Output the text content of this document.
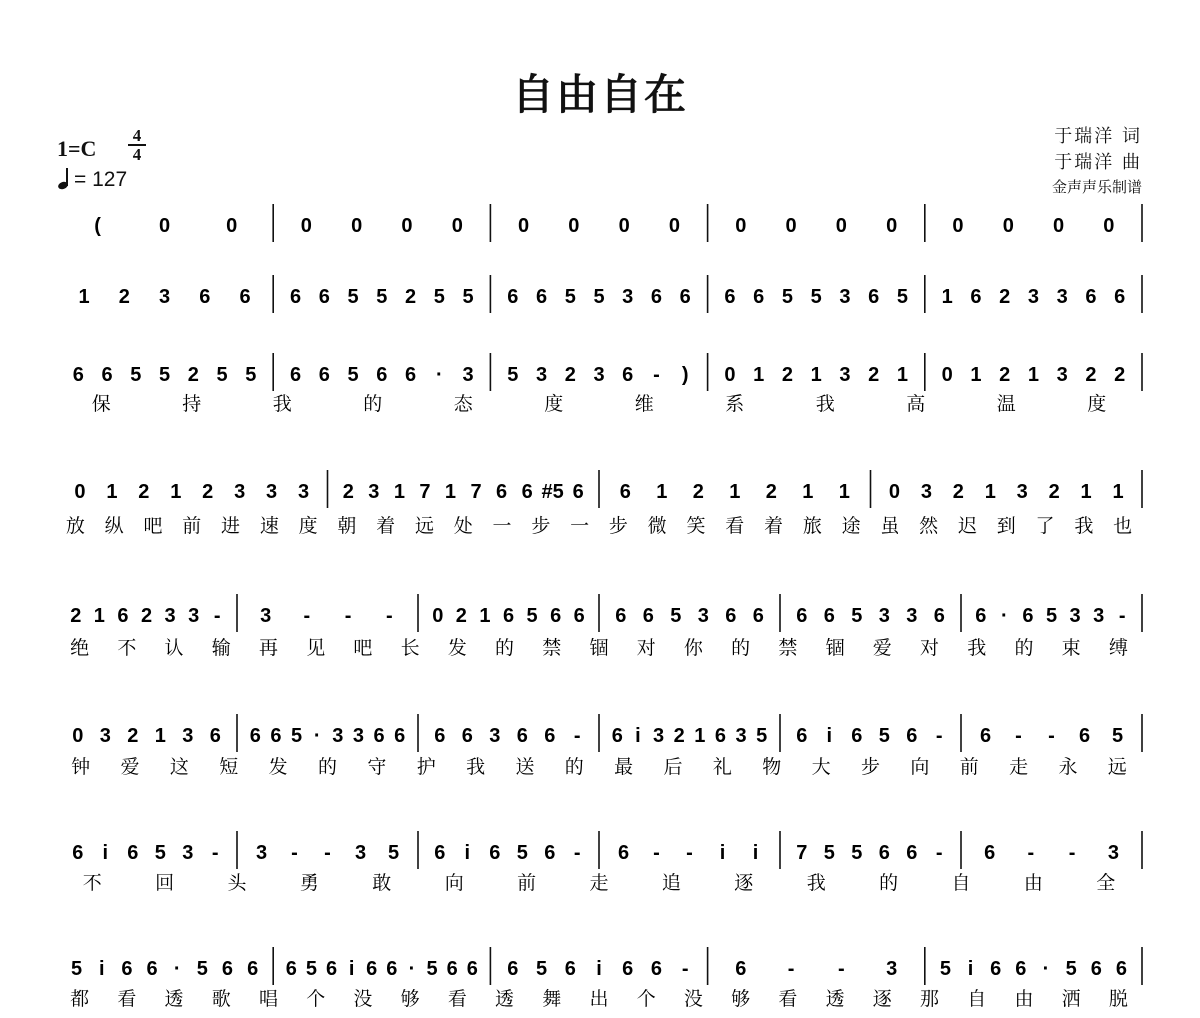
自由自在
1=C
4
4
= 127
于瑞洋 词
于瑞洋 曲
金声声乐制谱
(	0	0	0 0 0 0	0 0 0 0	0 0 0 0	0 0 0 0
1 2 3 6 6 6 6 5 5 2 5 5 6 6 5 5 3 6 6 6 6 5 5 3 6 5 1 6 2 3 3 6 6
6 6 5 5 2 5 5 6 6 5 6 6 · 3 5 3 2 3 6 - ) 0 1 2 1 3 2 1 0 1 2 1 3 2 2
保	持	我	的	态	度	维	系	我	高	温	度
0 1 2 1 2 3 3 3 2 3 1 7 1 7 6 6 #5 6 6 1 2 1 2 1 1 0 3 2 1 3 2 1 1
放 纵 吧 前 进 速 度 朝 着 远 处 一 步 一 步 微 笑 看 着 旅 途 虽 然 迟 到 了 我 也
2 1 6 2 3 3 - 3 - - - 0 2 1 6 5 6 6 6 6 5 3 6 6 6 6 5 3 3 6 6 · 6 5 3 3 -
绝 不 认 输 再 见 吧 长 发 的 禁 锢 对 你 的 禁 锢 爱 对 我 的 束 缚
0 3 2 1 3 6 6 6 5 · 3 3 6 6 6 6 3 6 6 - 6 i 3 2 1 6 3 5 6 i 6 5 6 - 6 - - 6 5
钟 爱 这 短 发 的 守 护 我 送 的 最 后 礼 物 大 步 向 前 走 永 远
6 i 6 5 3 - 3 - - 3 5 6 i 6 5 6 - 6 - - i i 7 5 5 6 6 - 6 - - 3
不	回	头	勇	敢	向	前	走	追	逐	我	的	自	由	全
5 i 6 6 · 5 6 6 6 5 6 i 6 6 · 5 6 6 6 5 6 i 6 6 - 6 - - 3 5 i 6 6 · 5 6 6
都 看 透 歌 唱 个 没 够 看 透 舞 出 个 没 够 看 透 逐 那 自 由 洒 脱
